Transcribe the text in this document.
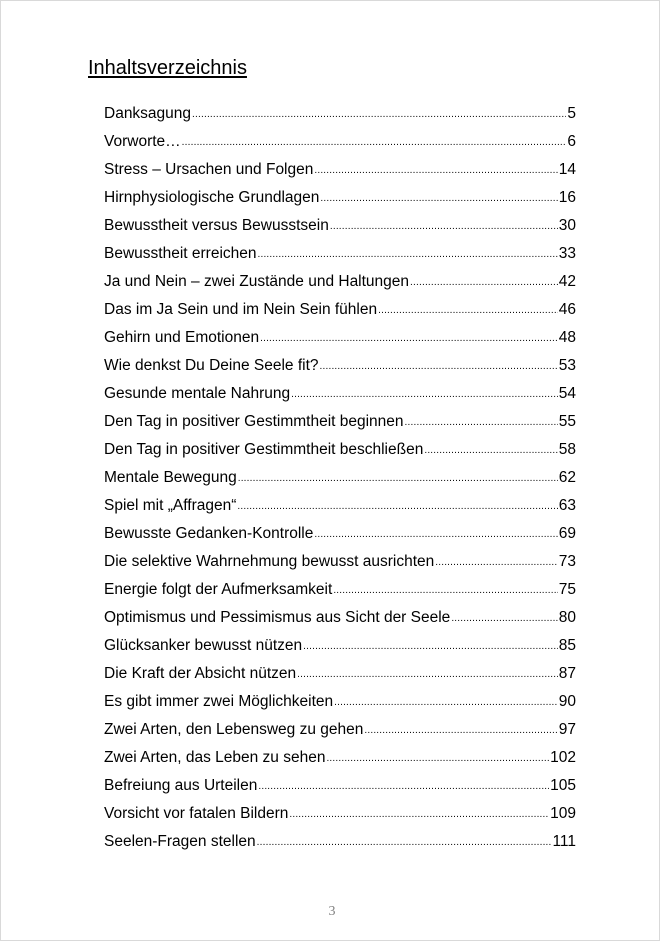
Inhaltsverzeichnis
Danksagung .....	5
Vorworte… .....	6
Stress – Ursachen und Folgen .....	14
Hirnphysiologische Grundlagen .....	16
Bewusstheit versus Bewusstsein .....	30
Bewusstheit erreichen .....	33
Ja und Nein – zwei Zustände und Haltungen .....	42
Das im Ja Sein und im Nein Sein fühlen .....	46
Gehirn und Emotionen .....	48
Wie denkst Du Deine Seele fit? .....	53
Gesunde mentale Nahrung .....	54
Den Tag in positiver Gestimmtheit beginnen .....	55
Den Tag in positiver Gestimmtheit beschließen .....	58
Mentale Bewegung .....	62
Spiel mit „Affragen“ .....	63
Bewusste Gedanken-Kontrolle .....	69
Die selektive Wahrnehmung bewusst ausrichten .....	73
Energie folgt der Aufmerksamkeit .....	75
Optimismus und Pessimismus aus Sicht der Seele .....	80
Glücksanker bewusst nützen .....	85
Die Kraft der Absicht nützen .....	87
Es gibt immer zwei Möglichkeiten .....	90
Zwei Arten, den Lebensweg zu gehen .....	97
Zwei Arten, das Leben zu sehen .....	102
Befreiung aus Urteilen .....	105
Vorsicht vor fatalen Bildern .....	109
Seelen-Fragen stellen .....	111
3
